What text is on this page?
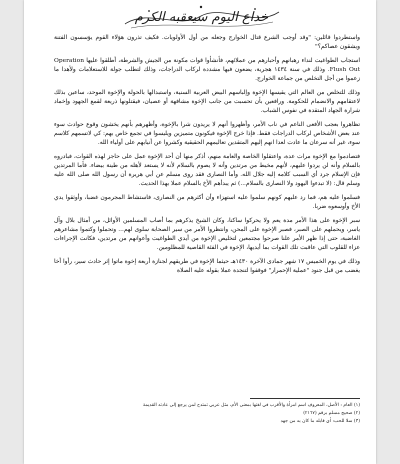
خداع اليوم سيعقبه الكرم

واستطردوا قائلين: "وقد أوجب الشرع قتال الخوارج وجعله من أول الأولويات. فكيف تذرون هؤلاء القوم يؤسسون الفتنة ويشقون عصاكم؟"

استجاب الطواغيت لنداء رهبانهم وأحبارهم من عملائهم، فأنشأوا قوات مكونة من الجيش والشرطة، أطلقوا عليها Operation Flush Out. وذلك في سنة ١٤٣٤ هجرية، يضعون فيها مشددة لركاب الدراجات، وذلك لتطلب جولة للاستعلامات ولأهدا ما زعموا من أجل التخلص من جماعة الخوارج.

وذلك للتخلص من العالم التي يقيسها الإخوة وإلباسهم البيض العربية السنية، واستبدالها بالحولة والإخوة الموحد، ساعين بذلك لاعتقامهم والانضمام للحكومة. ورافعين بأن تحسبت من جانب الإخوة مشافهة أو عصيان، فيقتلونها ذريعة لقمع الجهود وإخماد شرارة الجهاد المتقدة في نفوس الشباب.

تظاهروا بعجب الأفعى الناعم في ناب الأمر، وأظهروا أنهم لا يريدون شرا بالإخوة، وأظهرهم بأنهم يخشون وقوع حوادث سوء عند بعض الأشخاص لركاب الدراجات فقط. فإذا خرج الإخوة فيكونون متميزين ويليسوا في تجمع خاص بهم: كي لاتسمهم كلاسم سوء، غير أنه سرعان ما عادت لعدا انهم إليهم المتقدين تعاليمهم الحقيقية وكشروا عن أنيابهم على أولياء الله.

فتصادموا مع الإخوة مرات عدة، واعتقلوا الخاصة والعامة منهم، أذكر منها أن أحد الإخوة عمل على حاجز لهذه القوات، فبادروه بالسلام وأنه لن يردوا عليهم، لأنهم مخيط من مرتدين وأنه لا يصوم بالسلام لأنه لا يستعد لأهله من طينة بيضاء. فأما المرتدين فإن الإسلام جرد أي السبب كلامه إليه جلال الله. وأما النصارى فقد روى مسلم عن أبي هريرة أن رسول الله صلى الله عليه وسلم قال: (لا تبدءوا اليهود ولا النصارى بالسلام...) ثم يبدأهم الأخ بالسلام عملا بهذا الحديث.

فسلموا عليه هم، فما رد عليهم كونهم سلموا عليه استهزاء وأن أكثرهم من النصارى، فاستشاط المجرمون غضبا، وأوثقوا يدي الأخ وأوسعوه ضربا.

سبر الإخوة على هذا الأمر مدة يعم ولا يحركوا ساكنا، وكان الشيخ يذكرهم بما أصاب المسلمين الأوائل، من أمثال بلال وآل ياسر، ويحملهم على الصبر، فصبر الإخوة على المحن، وانتظروا الأمر من سير الصحابة سلوى لهم... وتحملوا وكتموا مشاعرهم الغاضبة، حتى إذا ظهر الأمر علنا صرحوا مجتمعين لتخليص الإخوة من أيدي الطواغيت وأعوانهم من مرتدين، فكانت الإجراءات عزاء للقلوب التي عاقبت تلك القوات بما أيديها، الإخوة في الفئة القاصية للمظلومين.

وذلك في يوم الخميس ١٧ شهر جمادى الآخرة ١٤٣٠هـ حيثما الإخوة في طريقهم لجنازة أربعة إخوة ماتوا إثر حادث سير، رأوا أخا يغضب من قبل جنود "عملية الإحمرار" فوقفوا لتنجدة عملا بقوله عليه الصلاة

(١) العام : الأصل، المعروف اسم امرأة والأقرب في لغتها بمعنى الأم، مثل عربي تمتدح لمن يرجع إلى عادته القديمة
(٢) صحيح مسلم برقم (٢١٦٧)
(٣) سلا للحب: أي قابله ما كان به من جهد
